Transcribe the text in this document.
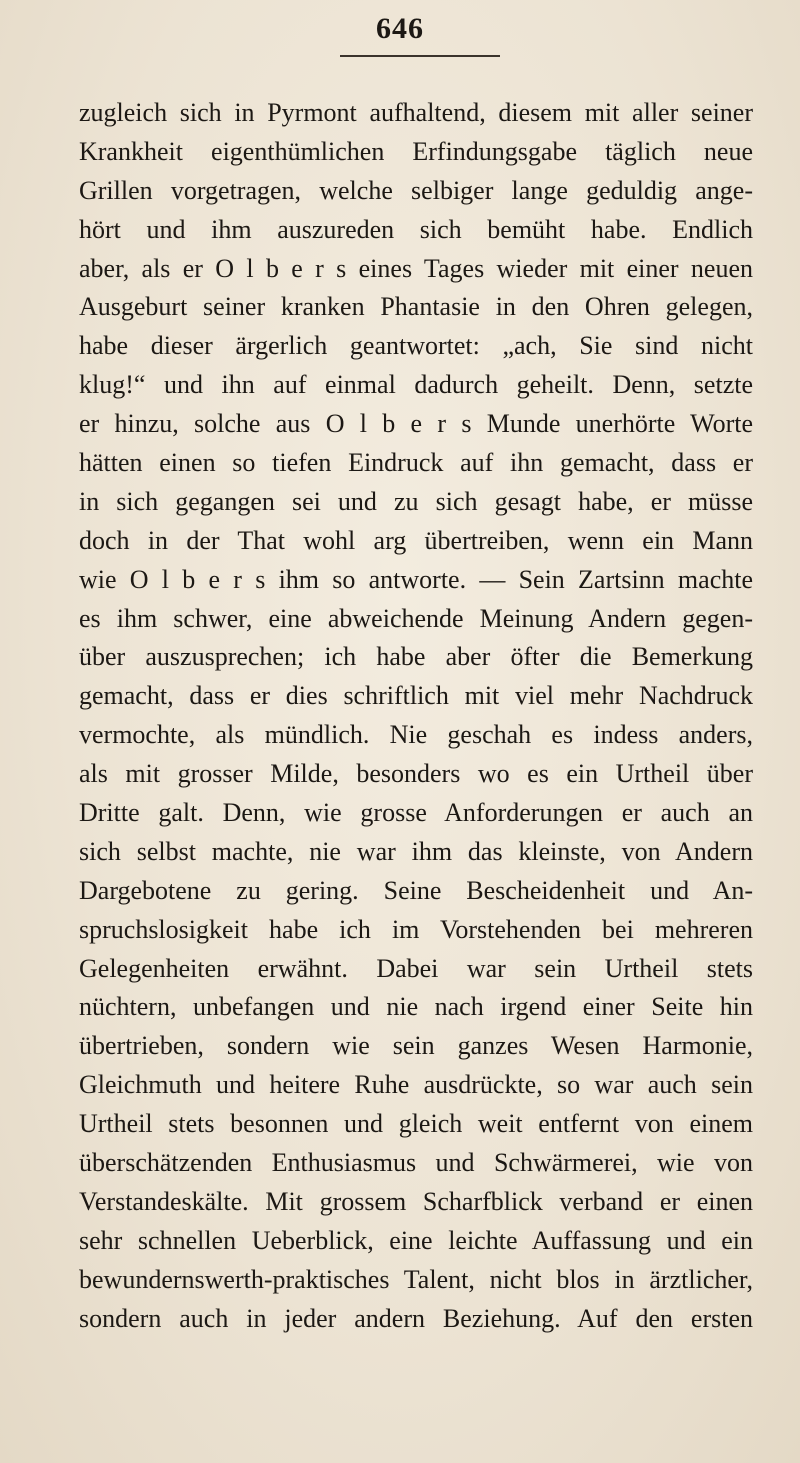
646
zugleich sich in Pyrmont aufhaltend, diesem mit aller seiner
Krankheit eigenthümlichen Erfindungsgabe täglich neue
Grillen vorgetragen, welche selbiger lange geduldig ange-
hört und ihm auszureden sich bemüht habe. Endlich
aber, als er O l b e r s eines Tages wieder mit einer neuen
Ausgeburt seiner kranken Phantasie in den Ohren gelegen,
habe dieser ärgerlich geantwortet: „ach, Sie sind nicht
klug!“ und ihn auf einmal dadurch geheilt. Denn, setzte
er hinzu, solche aus O l b e r s Munde unerhörte Worte
hätten einen so tiefen Eindruck auf ihn gemacht, dass er
in sich gegangen sei und zu sich gesagt habe, er müsse
doch in der That wohl arg übertreiben, wenn ein Mann
wie O l b e r s ihm so antworte. — Sein Zartsinn machte
es ihm schwer, eine abweichende Meinung Andern gegen-
über auszusprechen; ich habe aber öfter die Bemerkung
gemacht, dass er dies schriftlich mit viel mehr Nachdruck
vermochte, als mündlich. Nie geschah es indess anders,
als mit grosser Milde, besonders wo es ein Urtheil über
Dritte galt. Denn, wie grosse Anforderungen er auch an
sich selbst machte, nie war ihm das kleinste, von Andern
Dargebotene zu gering. Seine Bescheidenheit und An-
spruchslosigkeit habe ich im Vorstehenden bei mehreren
Gelegenheiten erwähnt. Dabei war sein Urtheil stets
nüchtern, unbefangen und nie nach irgend einer Seite hin
übertrieben, sondern wie sein ganzes Wesen Harmonie,
Gleichmuth und heitere Ruhe ausdrückte, so war auch sein
Urtheil stets besonnen und gleich weit entfernt von einem
überschätzenden Enthusiasmus und Schwärmerei, wie von
Verstandeskälte. Mit grossem Scharfblick verband er einen
sehr schnellen Ueberblick, eine leichte Auffassung und ein
bewundernswerth-praktisches Talent, nicht blos in ärztlicher,
sondern auch in jeder andern Beziehung. Auf den ersten
